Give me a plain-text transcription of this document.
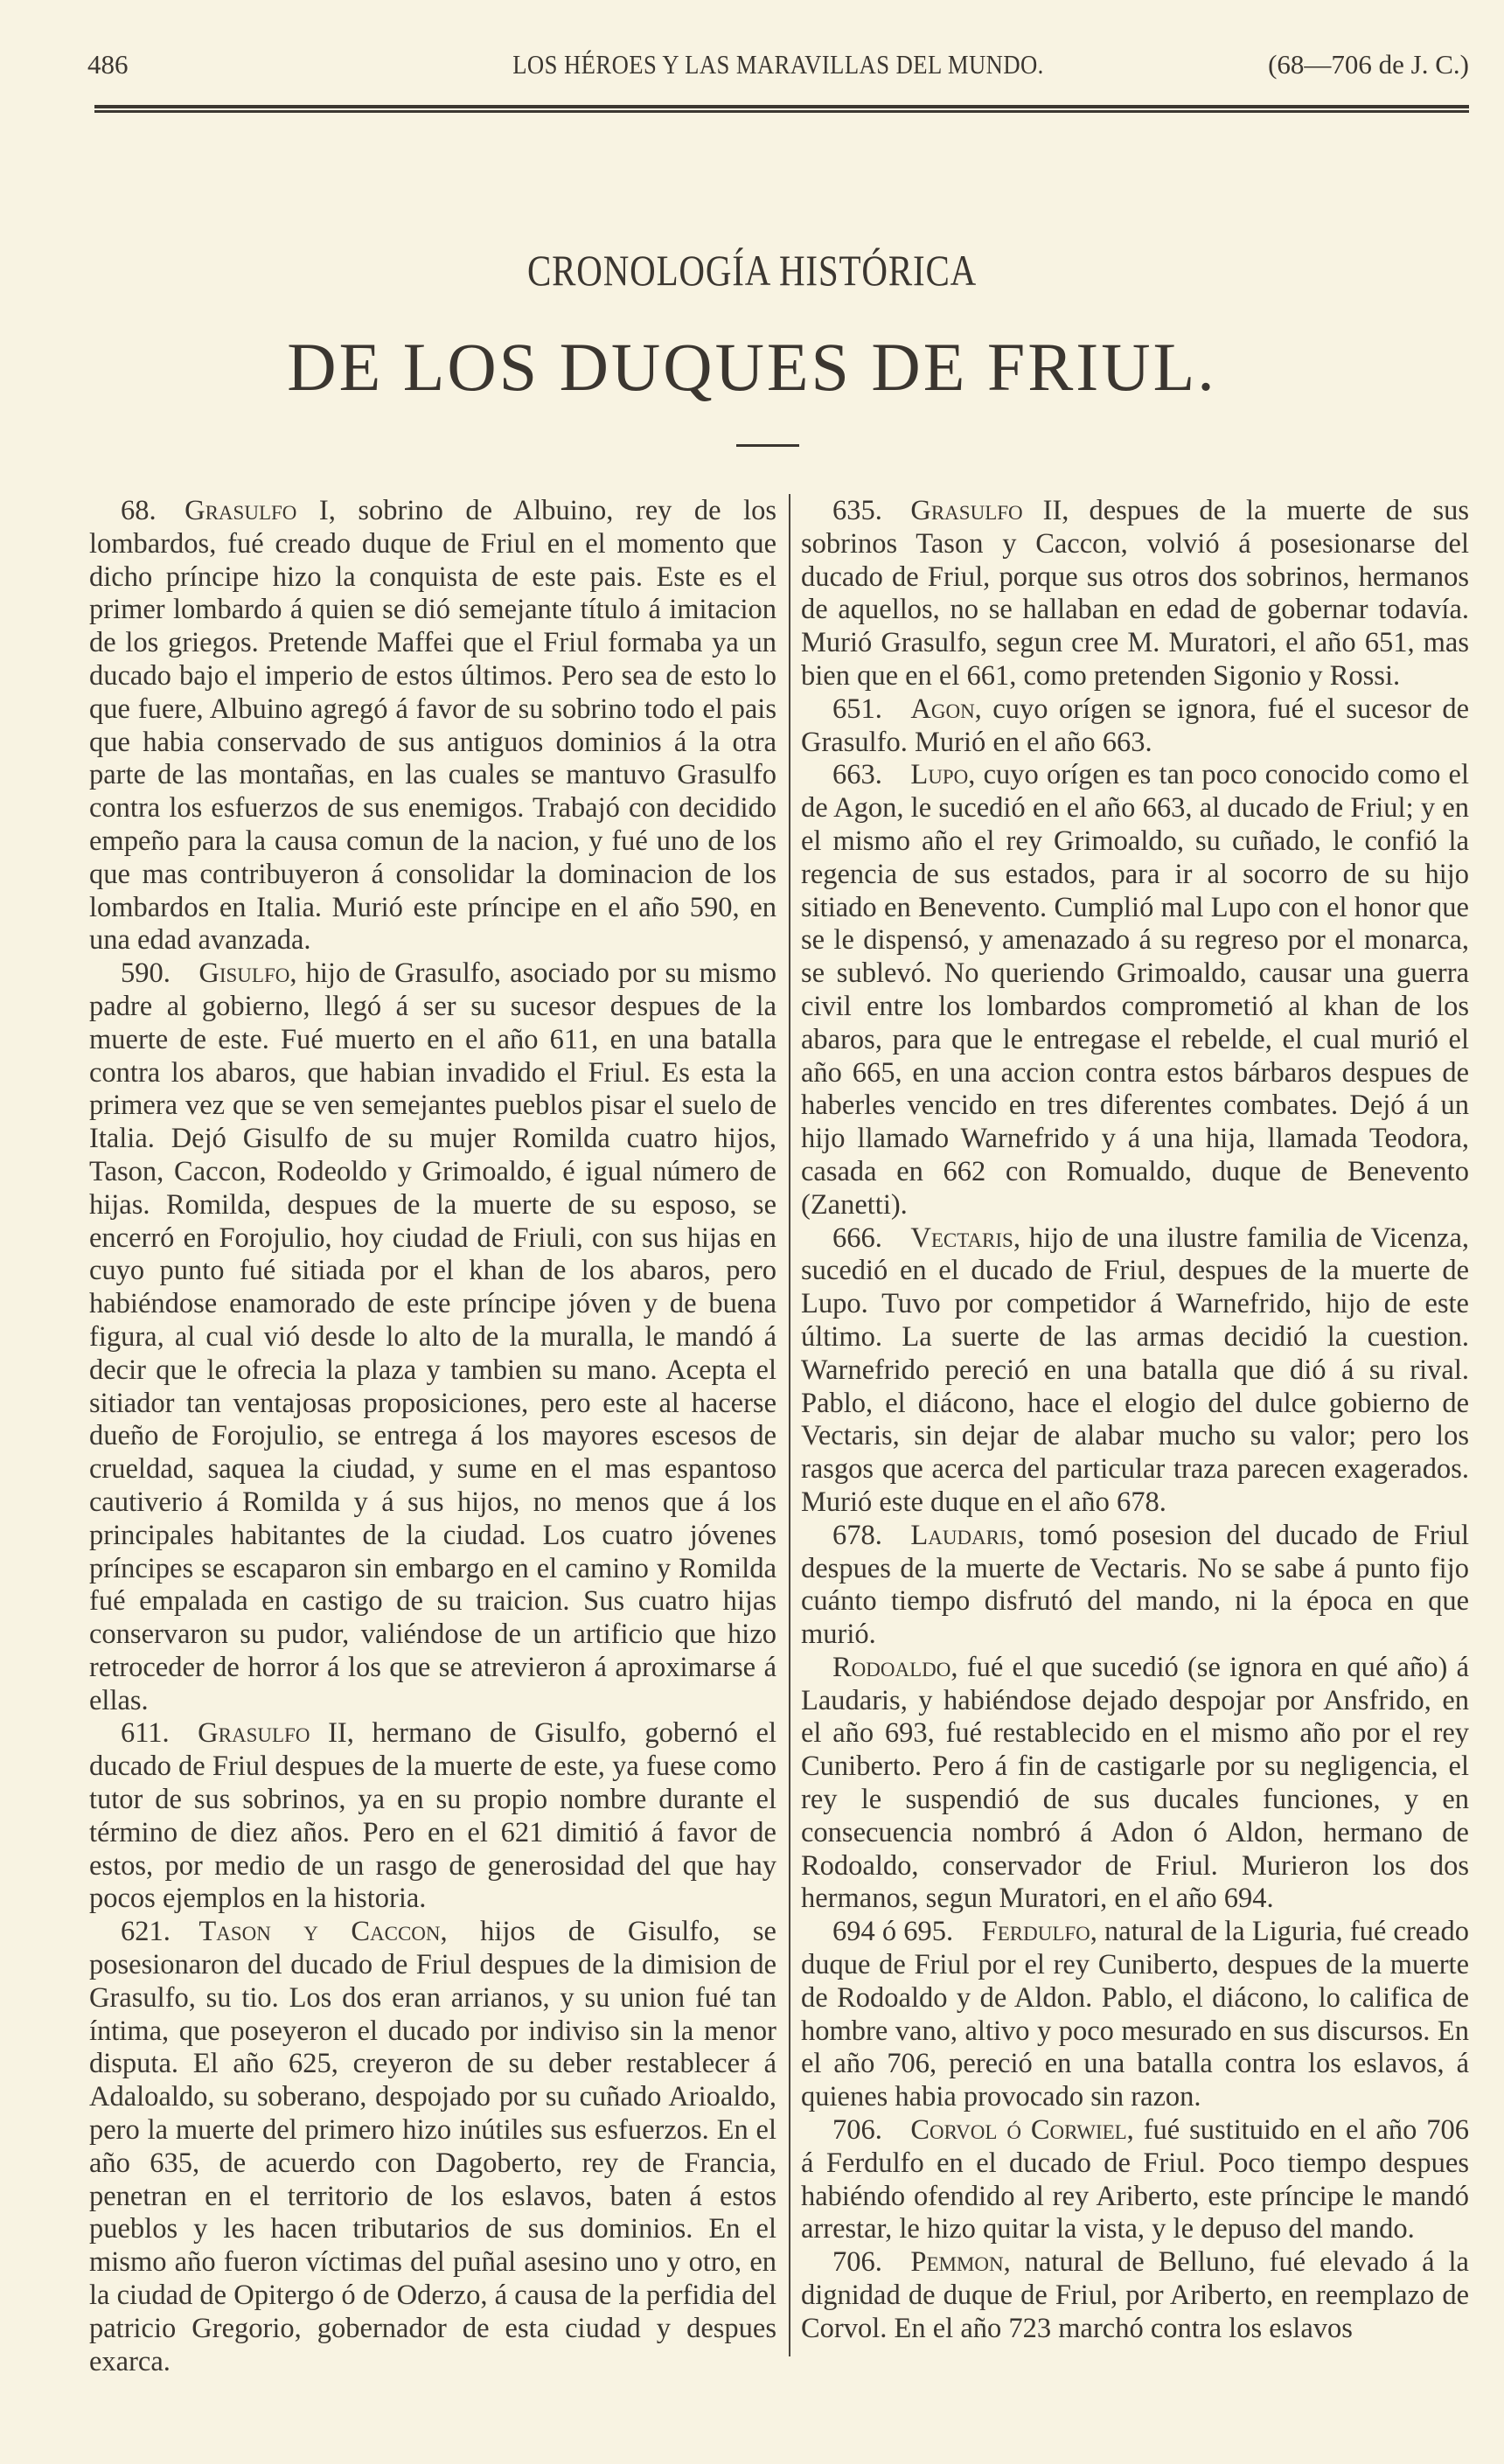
486	LOS HÉROES Y LAS MARAVILLAS DEL MUNDO.	(68—706 de J. C.)
CRONOLOGÍA HISTÓRICA
DE LOS DUQUES DE FRIUL.

68.  Grasulfo I, sobrino de Albuino, rey de los lombardos, fué creado duque de Friul en el momento que dicho príncipe hizo la conquista de este pais. Este es el primer lombardo á quien se dió semejante título á imitacion de los griegos. Pretende Maffei que el Friul formaba ya un ducado bajo el imperio de estos últimos. Pero sea de esto lo que fuere, Albuino agregó á favor de su sobrino todo el pais que habia conservado de sus antiguos dominios á la otra parte de las montañas, en las cuales se mantuvo Grasulfo contra los esfuerzos de sus enemigos. Trabajó con decidido empeño para la causa comun de la nacion, y fué uno de los que mas contribuyeron á consolidar la dominacion de los lombardos en Italia. Murió este príncipe en el año 590, en una edad avanzada.

590.  Gisulfo, hijo de Grasulfo, asociado por su mismo padre al gobierno, llegó á ser su sucesor despues de la muerte de este. Fué muerto en el año 611, en una batalla contra los abaros, que habian invadido el Friul. Es esta la primera vez que se ven semejantes pueblos pisar el suelo de Italia. Dejó Gisulfo de su mujer Romilda cuatro hijos, Tason, Caccon, Rodeoldo y Grimoaldo, é igual número de hijas. Romilda, despues de la muerte de su esposo, se encerró en Forojulio, hoy ciudad de Friuli, con sus hijas en cuyo punto fué sitiada por el khan de los abaros, pero habiéndose enamorado de este príncipe jóven y de buena figura, al cual vió desde lo alto de la muralla, le mandó á decir que le ofrecia la plaza y tambien su mano. Acepta el sitiador tan ventajosas proposiciones, pero este al hacerse dueño de Forojulio, se entrega á los mayores escesos de crueldad, saquea la ciudad, y sume en el mas espantoso cautiverio á Romilda y á sus hijos, no menos que á los principales habitantes de la ciudad. Los cuatro jóvenes príncipes se escaparon sin embargo en el camino y Romilda fué empalada en castigo de su traicion. Sus cuatro hijas conservaron su pudor, valiéndose de un artificio que hizo retroceder de horror á los que se atrevieron á aproximarse á ellas.

611.  Grasulfo II, hermano de Gisulfo, gobernó el ducado de Friul despues de la muerte de este, ya fuese como tutor de sus sobrinos, ya en su propio nombre durante el término de diez años. Pero en el 621 dimitió á favor de estos, por medio de un rasgo de generosidad del que hay pocos ejemplos en la historia.

621.  Tason y Caccon, hijos de Gisulfo, se posesionaron del ducado de Friul despues de la dimision de Grasulfo, su tio. Los dos eran arrianos, y su union fué tan íntima, que poseyeron el ducado por indiviso sin la menor disputa. El año 625, creyeron de su deber restablecer á Adaloaldo, su soberano, despojado por su cuñado Arioaldo, pero la muerte del primero hizo inútiles sus esfuerzos. En el año 635, de acuerdo con Dagoberto, rey de Francia, penetran en el territorio de los eslavos, baten á estos pueblos y les hacen tributarios de sus dominios. En el mismo año fueron víctimas del puñal asesino uno y otro, en la ciudad de Opitergo ó de Oderzo, á causa de la perfidia del patricio Gregorio, gobernador de esta ciudad y despues exarca.

635.  Grasulfo II, despues de la muerte de sus sobrinos Tason y Caccon, volvió á posesionarse del ducado de Friul, porque sus otros dos sobrinos, hermanos de aquellos, no se hallaban en edad de gobernar todavía. Murió Grasulfo, segun cree M. Muratori, el año 651, mas bien que en el 661, como pretenden Sigonio y Rossi.

651.  Agon, cuyo orígen se ignora, fué el sucesor de Grasulfo. Murió en el año 663.

663.  Lupo, cuyo orígen es tan poco conocido como el de Agon, le sucedió en el año 663, al ducado de Friul; y en el mismo año el rey Grimoaldo, su cuñado, le confió la regencia de sus estados, para ir al socorro de su hijo sitiado en Benevento. Cumplió mal Lupo con el honor que se le dispensó, y amenazado á su regreso por el monarca, se sublevó. No queriendo Grimoaldo, causar una guerra civil entre los lombardos comprometió al khan de los abaros, para que le entregase el rebelde, el cual murió el año 665, en una accion contra estos bárbaros despues de haberles vencido en tres diferentes combates. Dejó á un hijo llamado Warnefrido y á una hija, llamada Teodora, casada en 662 con Romualdo, duque de Benevento (Zanetti).

666.  Vectaris, hijo de una ilustre familia de Vicenza, sucedió en el ducado de Friul, despues de la muerte de Lupo. Tuvo por competidor á Warnefrido, hijo de este último. La suerte de las armas decidió la cuestion. Warnefrido pereció en una batalla que dió á su rival. Pablo, el diácono, hace el elogio del dulce gobierno de Vectaris, sin dejar de alabar mucho su valor; pero los rasgos que acerca del particular traza parecen exagerados. Murió este duque en el año 678.

678.  Laudaris, tomó posesion del ducado de Friul despues de la muerte de Vectaris. No se sabe á punto fijo cuánto tiempo disfrutó del mando, ni la época en que murió.

Rodoaldo, fué el que sucedió (se ignora en qué año) á Laudaris, y habiéndose dejado despojar por Ansfrido, en el año 693, fué restablecido en el mismo año por el rey Cuniberto. Pero á fin de castigarle por su negligencia, el rey le suspendió de sus ducales funciones, y en consecuencia nombró á Adon ó Aldon, hermano de Rodoaldo, conservador de Friul. Murieron los dos hermanos, segun Muratori, en el año 694.

694 ó 695.  Ferdulfo, natural de la Liguria, fué creado duque de Friul por el rey Cuniberto, despues de la muerte de Rodoaldo y de Aldon. Pablo, el diácono, lo califica de hombre vano, altivo y poco mesurado en sus discursos. En el año 706, pereció en una batalla contra los eslavos, á quienes habia provocado sin razon.

706.  Corvol ó Corwiel, fué sustituido en el año 706 á Ferdulfo en el ducado de Friul. Poco tiempo despues habiéndo ofendido al rey Ariberto, este príncipe le mandó arrestar, le hizo quitar la vista, y le depuso del mando.

706.  Pemmon, natural de Belluno, fué elevado á la dignidad de duque de Friul, por Ariberto, en reemplazo de Corvol. En el año 723 marchó contra los eslavos
